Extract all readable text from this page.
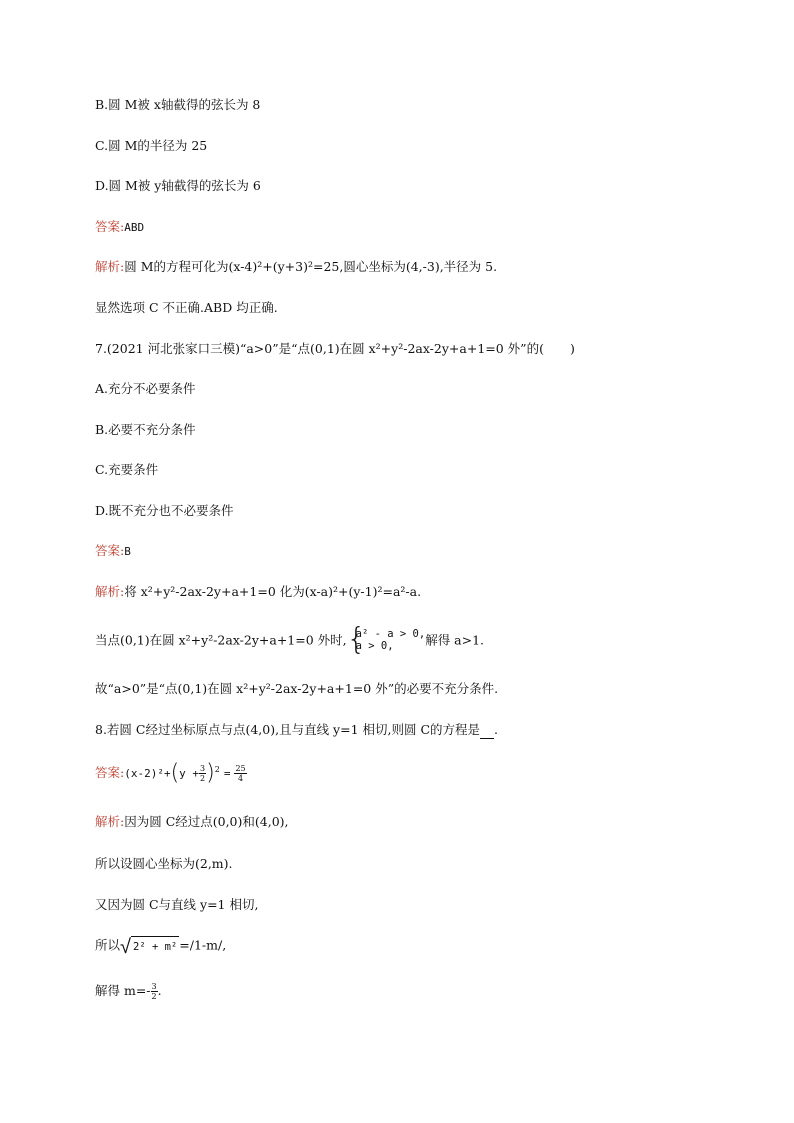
B.圆 M被 x轴截得的弦长为 8
C.圆 M的半径为 25
D.圆 M被 y轴截得的弦长为 6
答案:ABD
解析:圆 M的方程可化为(x-4)²+(y+3)²=25,圆心坐标为(4,-3),半径为 5.
显然选项 C 不正确.ABD 均正确.
7.(2021 河北张家口三模)“a>0”是“点(0,1)在圆 x²+y²-2ax-2y+a+1=0 外”的( )
A.充分不必要条件
B.必要不充分条件
C.充要条件
D.既不充分也不必要条件
答案:B
解析:将 x²+y²-2ax-2y+a+1=0 化为(x-a)²+(y-1)²=a²-a.
当点(0,1)在圆 x²+y²-2ax-2y+a+1=0 外时, {
a² - a > 0,
a > 0,	解得 a>1.
故“a>0”是“点(0,1)在圆 x²+y²-2ax-2y+a+1=0 外”的必要不充分条件.
8.若圆 C经过坐标原点与点(4,0),且与直线 y=1 相切,则圆 C的方程是 .
答案:(x-2)²+(y + $\frac{3}{2} )^2 = \frac{25}{4}$
解析:因为圆 C经过点(0,0)和(4,0),
所以设圆心坐标为(2,m).
又因为圆 C与直线 y=1 相切,
所以√ 2² + m² =/1-m/,
解得 $m=- \frac{3}{2}$ .
